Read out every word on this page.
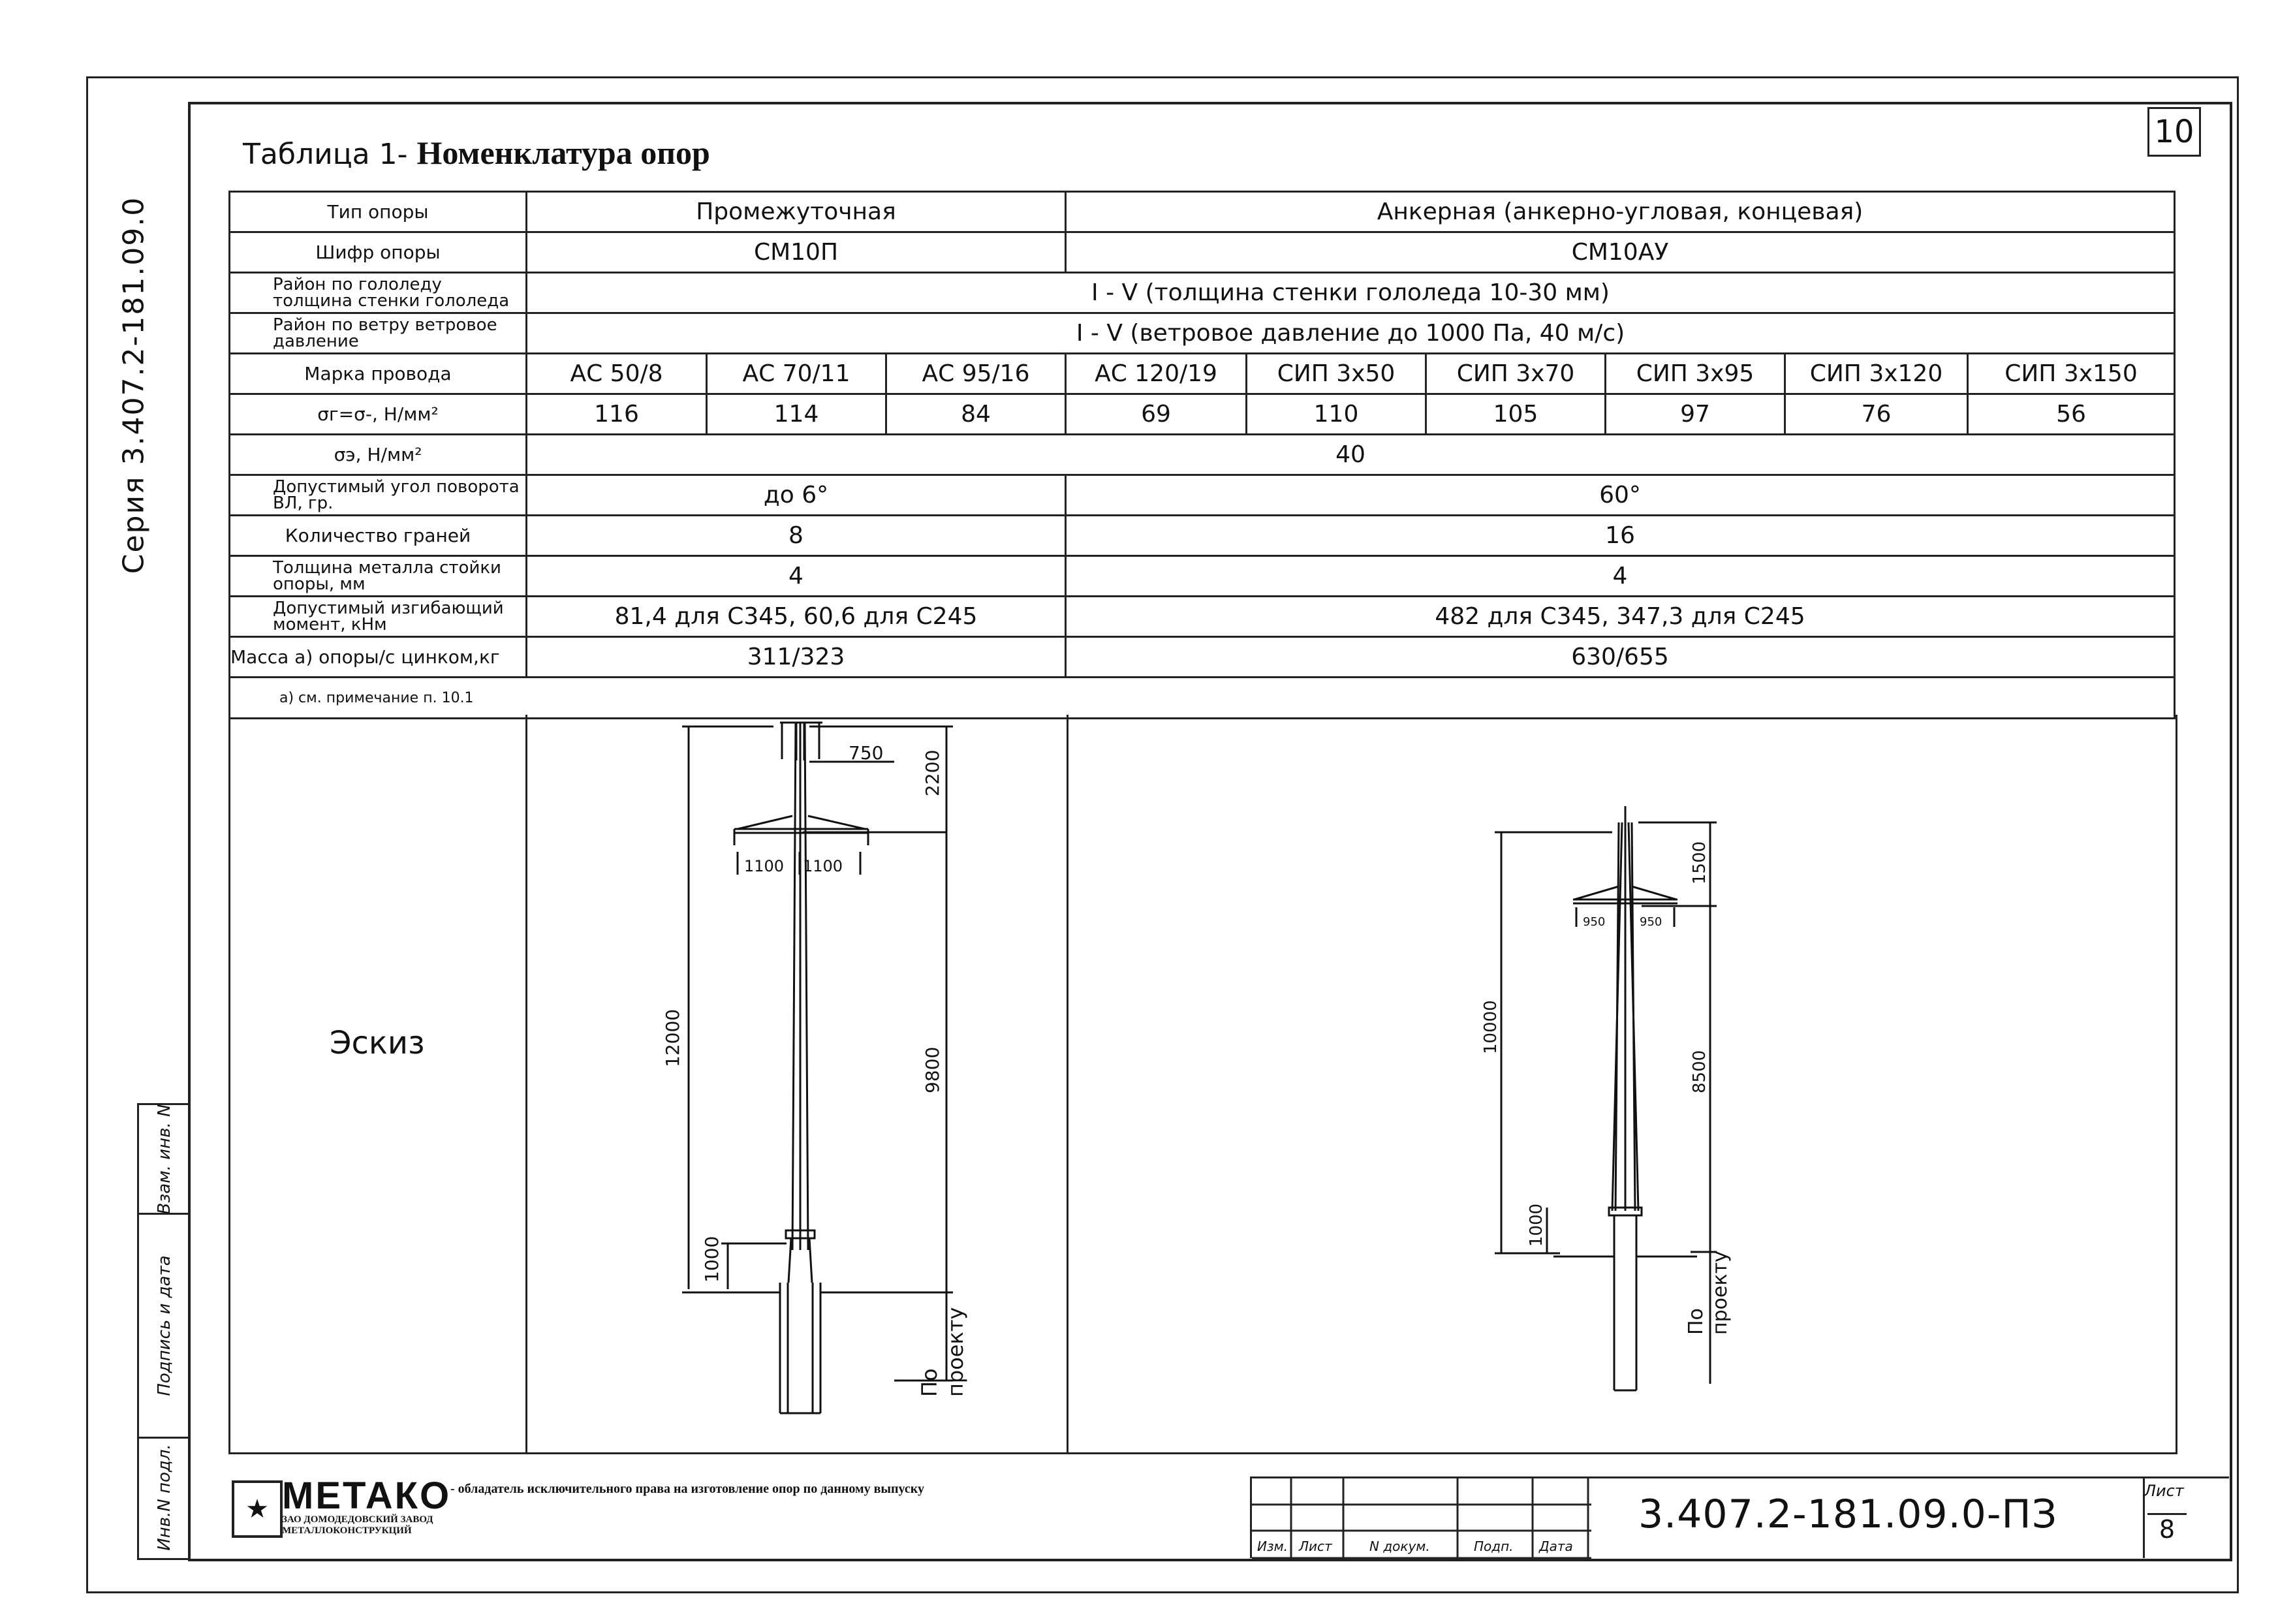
Серия 3.407.2-181.09.0
Взам. инв. N
Подпись и дата
Инв.N подл.
10
Таблица 1- Номенклатура опор
Тип опоры	Промежуточная			Анкерная (анкерно-угловая, концевая)					
Шифр опоры	СМ10П			СМ10АУ					
Район по гололеду толщина стенки гололеда	I - V (толщина стенки гололеда 10-30 мм)								
Район по ветру ветровое давление	I - V (ветровое давление до 1000 Па, 40 м/с)								
Марка провода	АС 50/8	АС 70/11	АС 95/16	АС 120/19	СИП 3х50	СИП 3х70	СИП 3х95	СИП 3х120	СИП 3х150
σг=σ-, Н/мм²	116	114	84	69	110	105	97	76	56
σэ, Н/мм²	40								
Допустимый угол поворота ВЛ, гр.	до 6°			60°					
Количество граней	8			16					
Толщина металла стойки опоры, мм	4			4					
Допустимый изгибающий момент, кНм	81,4 для С345, 60,6 для С245			482 для С345, 347,3 для С245					
Масса а) опоры/с цинком,кг	311/323			630/655					
а) см. примечание п. 10.1									
Эскиз
750
1100 1100
2200
12000
9800
1000
По проекту
950	950
1500
10000
8500
1000
По проекту
★ МЕТАКО
ЗАО ДОМОДЕДОВСКИЙ ЗАВОД
МЕТАЛЛОКОНСТРУКЦИЙ
- обладатель исключительного права на изготовление опор по данному выпуску
Изм. Лист	N докум.	Подп. Дата
3.407.2-181.09.0-ПЗ
Лист
8
